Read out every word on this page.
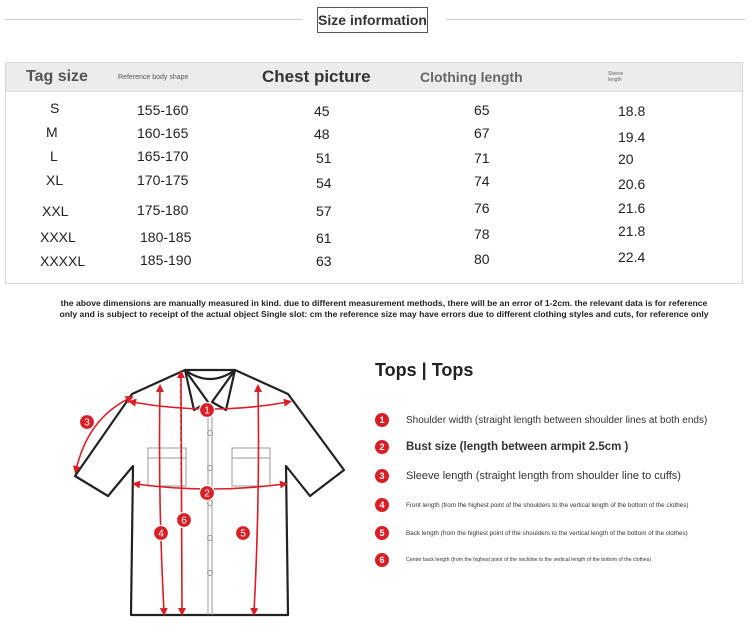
Size information
Tag size	Reference body shape	Chest picture	Clothing length	Sleeve length
S	155-160	45	65	18.8
M	160-165	48	67	19.4
L	165-170	51	71	20
XL	170-175	54	74	20.6
XXL	175-180	57	76	21.6
XXXL	180-185	61	78	21.8
XXXXL	185-190	63	80	22.4
the above dimensions are manually measured in kind. due to different measurement methods, there will be an error of 1-2cm. the relevant data is for reference
only and is subject to receipt of the actual object Single slot: cm the reference size may have errors due to different clothing styles and cuts, for reference only
1
2
3
4	5
6
Tops | Tops
1	Shoulder width (straight length between shoulder lines at both ends)
2	Bust size (length between armpit 2.5cm )
3	Sleeve length (straight length from shoulder line to cuffs)
4	Front length (from the highest point of the shoulders to the vertical length of the bottom of the clothes)
5	Back length (from the highest point of the shoulders to the vertical length of the bottom of the clothes)
6	Center back length (from the highest point of the neckline to the vertical length of the bottom of the clothes)
